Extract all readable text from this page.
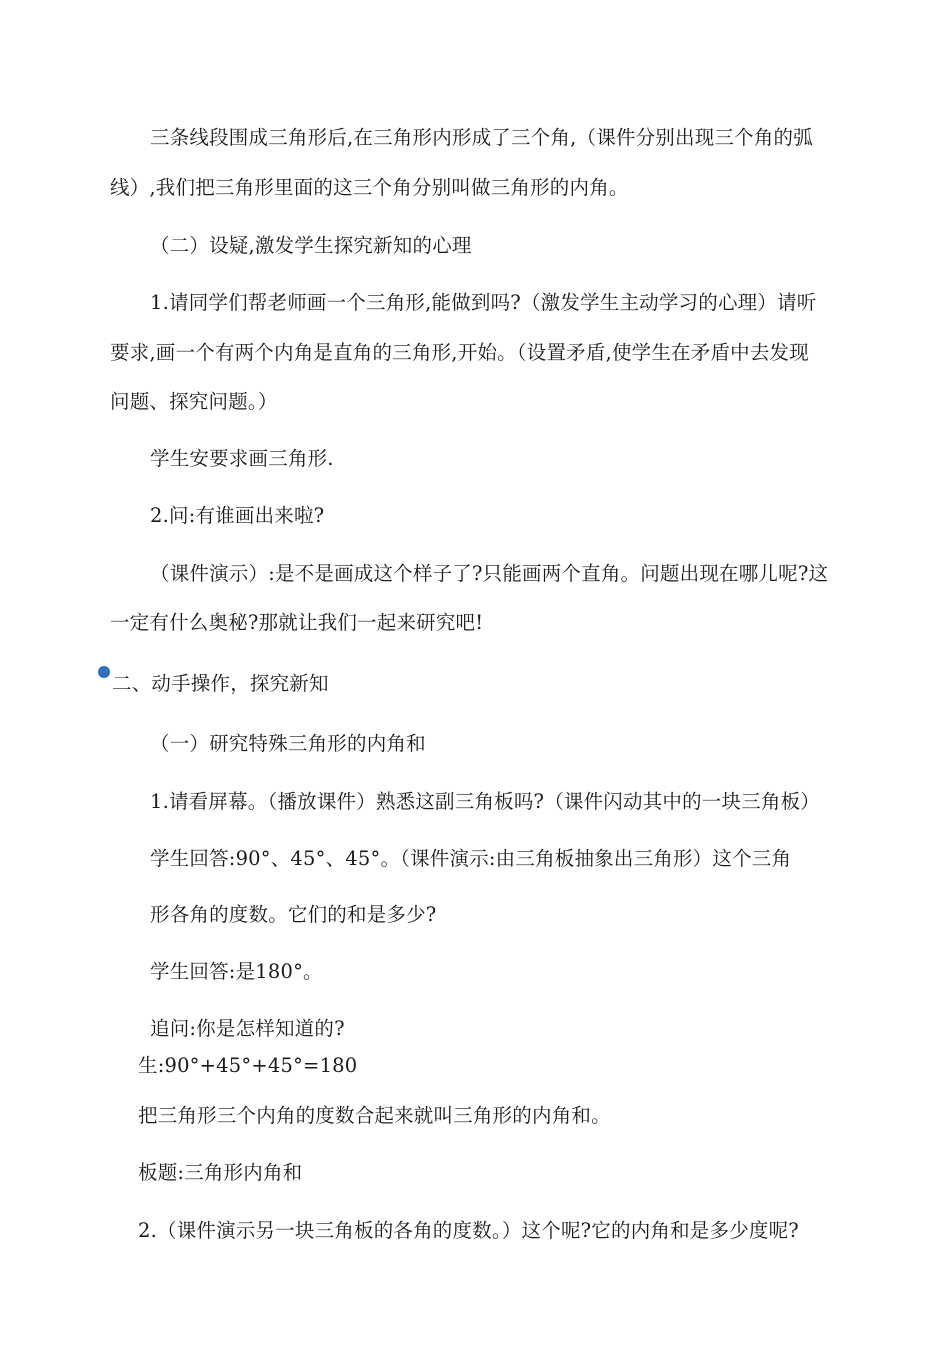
三条线段围成三角形后,在三角形内形成了三个角,（课件分别出现三个角的弧
线）,我们把三角形里面的这三个角分别叫做三角形的内角。
（二）设疑,激发学生探究新知的心理
1.请同学们帮老师画一个三角形,能做到吗?（激发学生主动学习的心理）请听
要求,画一个有两个内角是直角的三角形,开始。（设置矛盾,使学生在矛盾中去发现
问题、探究问题。）
学生安要求画三角形.
2.问:有谁画出来啦?
（课件演示）:是不是画成这个样子了?只能画两个直角。问题出现在哪儿呢?这
一定有什么奥秘?那就让我们一起来研究吧!
二、动手操作，探究新知
（一）研究特殊三角形的内角和
1.请看屏幕。（播放课件）熟悉这副三角板吗?（课件闪动其中的一块三角板）
学生回答:90°、45°、45°。（课件演示:由三角板抽象出三角形）这个三角
形各角的度数。它们的和是多少?
学生回答:是180°。
追问:你是怎样知道的?
生:90°+45°+45°=180
把三角形三个内角的度数合起来就叫三角形的内角和。
板题:三角形内角和
2.（课件演示另一块三角板的各角的度数。）这个呢?它的内角和是多少度呢?
